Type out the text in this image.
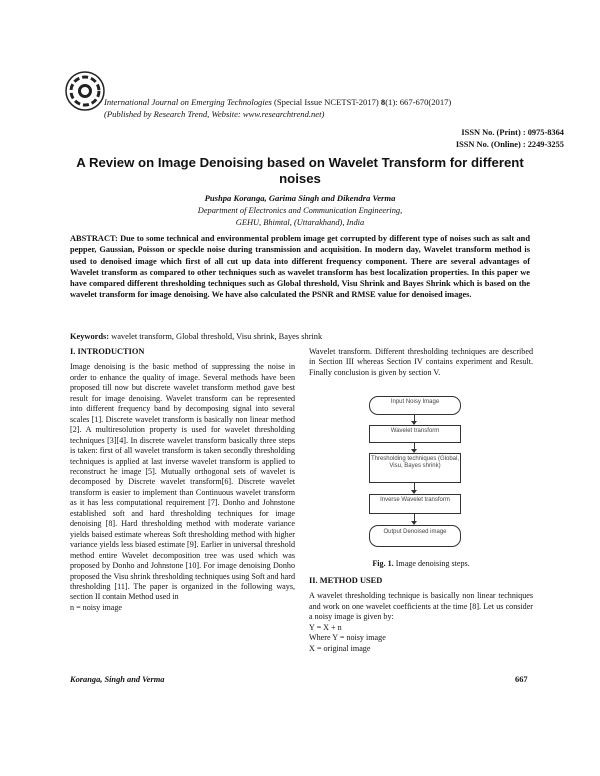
International Journal on Emerging Technologies (Special Issue NCETST-2017) 8(1): 667-670(2017)
(Published by Research Trend, Website: www.researchtrend.net)
ISSN No. (Print) : 0975-8364
ISSN No. (Online) : 2249-3255
A Review on Image Denoising based on Wavelet Transform for different noises
Pushpa Koranga, Garima Singh and Dikendra Verma
Department of Electronics and Communication Engineering,
GEHU, Bhimtal, (Uttarakhand), India
ABSTRACT: Due to some technical and environmental problem image get corrupted by different type of noises such as salt and pepper, Gaussian, Poisson or speckle noise during transmission and acquisition. In modern day, Wavelet transform method is used to denoised image which first of all cut up data into different frequency component. There are several advantages of Wavelet transform as compared to other techniques such as wavelet transform has best localization properties. In this paper we have compared different thresholding techniques such as Global threshold, Visu Shrink and Bayes Shrink which is based on the wavelet transform for image denoising. We have also calculated the PSNR and RMSE value for denoised images.
Keywords: wavelet transform, Global threshold, Visu shrink, Bayes shrink
I. INTRODUCTION

Image denoising is the basic method of suppressing the noise in order to enhance the quality of image. Several methods have been proposed till now but discrete wavelet transform method gave best result for image denoising. Wavelet transform can be represented into different frequency band by decomposing signal into several scales [1]. Discrete wavelet transform is basically non linear method [2]. A multiresolution property is used for wavelet thresholding techniques [3][4]. In discrete wavelet transform basically three steps is taken: first of all wavelet transform is taken secondly thresholding techniques is applied at last inverse wavelet transform is applied to reconstruct he image [5]. Mutually orthogonal sets of wavelet is decomposed by Discrete wavelet transform[6]. Discrete wavelet transform is easier to implement than Continuous wavelet transform as it has less computational requirement [7]. Donho and Johnstone established soft and hard thresholding techniques for image denoising [8]. Hard thresholding method with moderate variance yields baised estimate whereas Soft thresholding method with higher variance yields less biased estimate [9]. Earlier in universal threshold method entire Wavelet decomposition tree was used which was proposed by Donho and Johnstone [10]. For image denoising Donho proposed the Visu shrink thresholding techniques using Soft and hard thresholding [11]. The paper is organized in the following ways, section II contain Method used in

n = noisy image

Wavelet transform. Different thresholding techniques are described in Section III whereas Section IV contains experiment and Result. Finally conclusion is given by section V.

Input Noisy Image
Wavelet transform
Thresholding techniques (Global, Visu, Bayes shrink)
Inverse Wavelet transform
Output Denoised image
Fig. 1. Image denoising steps.
II. METHOD USED

A wavelet thresholding technique is basically non linear techniques and work on one wavelet coefficients at the time [8]. Let us consider a noisy image is given by:

Y = X + n

Where Y = noisy image

X = original image

Koranga, Singh and Verma	667
